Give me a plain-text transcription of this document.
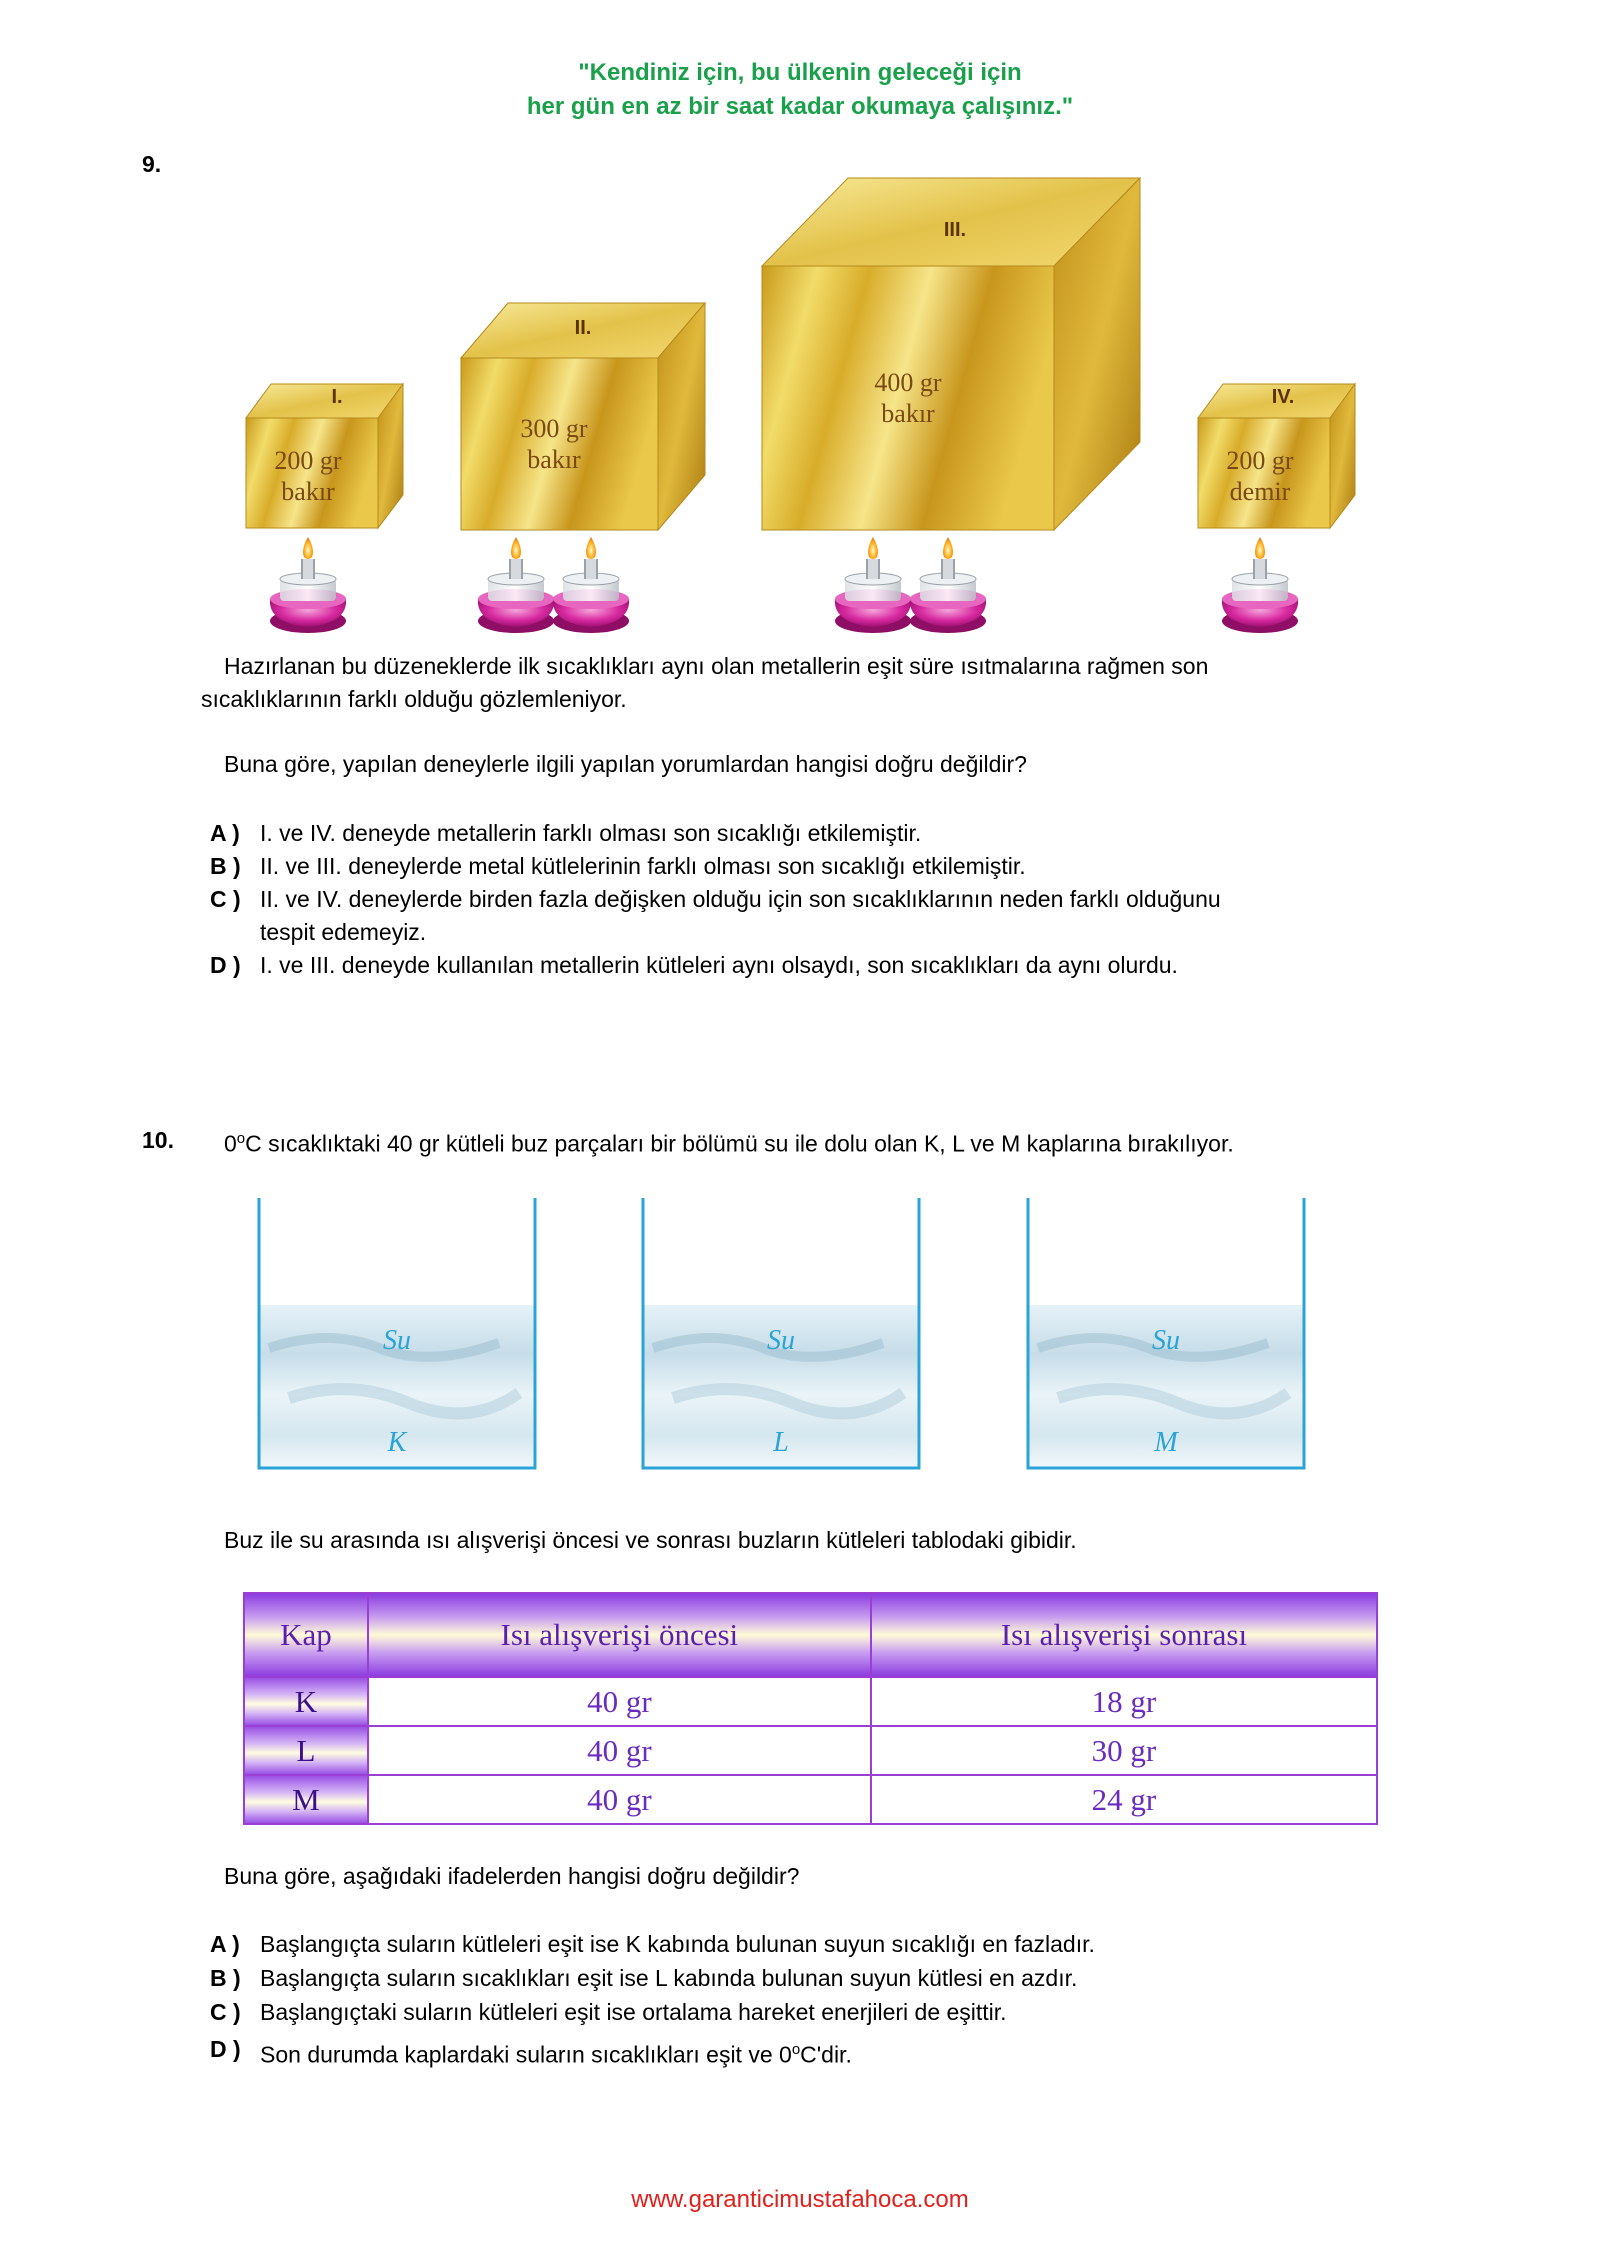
"Kendiniz için, bu ülkenin geleceği için
her gün en az bir saat kadar okumaya çalışınız."
9.
I.
200 gr
bakır
II.
300 gr
bakır
III.
400 gr
bakır
IV.
200 gr
demir
Hazırlanan bu düzeneklerde ilk sıcaklıkları aynı olan metallerin eşit süre ısıtmalarına rağmen son
sıcaklıklarının farklı olduğu gözlemleniyor.
Buna göre, yapılan deneylerle ilgili yapılan yorumlardan hangisi doğru değildir?
A ) I. ve IV. deneyde metallerin farklı olması son sıcaklığı etkilemiştir.
B ) II. ve III. deneylerde metal kütlelerinin farklı olması son sıcaklığı etkilemiştir.
C ) II. ve IV. deneylerde birden fazla değişken olduğu için son sıcaklıklarının neden farklı olduğunu
tespit edemeyiz.
D ) I. ve III. deneyde kullanılan metallerin kütleleri aynı olsaydı, son sıcaklıkları da aynı olurdu.
10. 0$^o$C sıcaklıktaki 40 gr kütleli buz parçaları bir bölümü su ile dolu olan K, L ve M kaplarına bırakılıyor.
Su
K
Su
L
Su
M
Buz ile su arasında ısı alışverişi öncesi ve sonrası buzların kütleleri tablodaki gibidir.
Kap	Isı alışverişi öncesi	Isı alışverişi sonrası
K	40 gr	18 gr
L	40 gr	30 gr
M	40 gr	24 gr
Buna göre, aşağıdaki ifadelerden hangisi doğru değildir?
A ) Başlangıçta suların kütleleri eşit ise K kabında bulunan suyun sıcaklığı en fazladır.
B ) Başlangıçta suların sıcaklıkları eşit ise L kabında bulunan suyun kütlesi en azdır.
C ) Başlangıçtaki suların kütleleri eşit ise ortalama hareket enerjileri de eşittir.
D ) Son durumda kaplardaki suların sıcaklıkları eşit ve 0$^o$C'dir.
www.garanticimustafahoca.com
